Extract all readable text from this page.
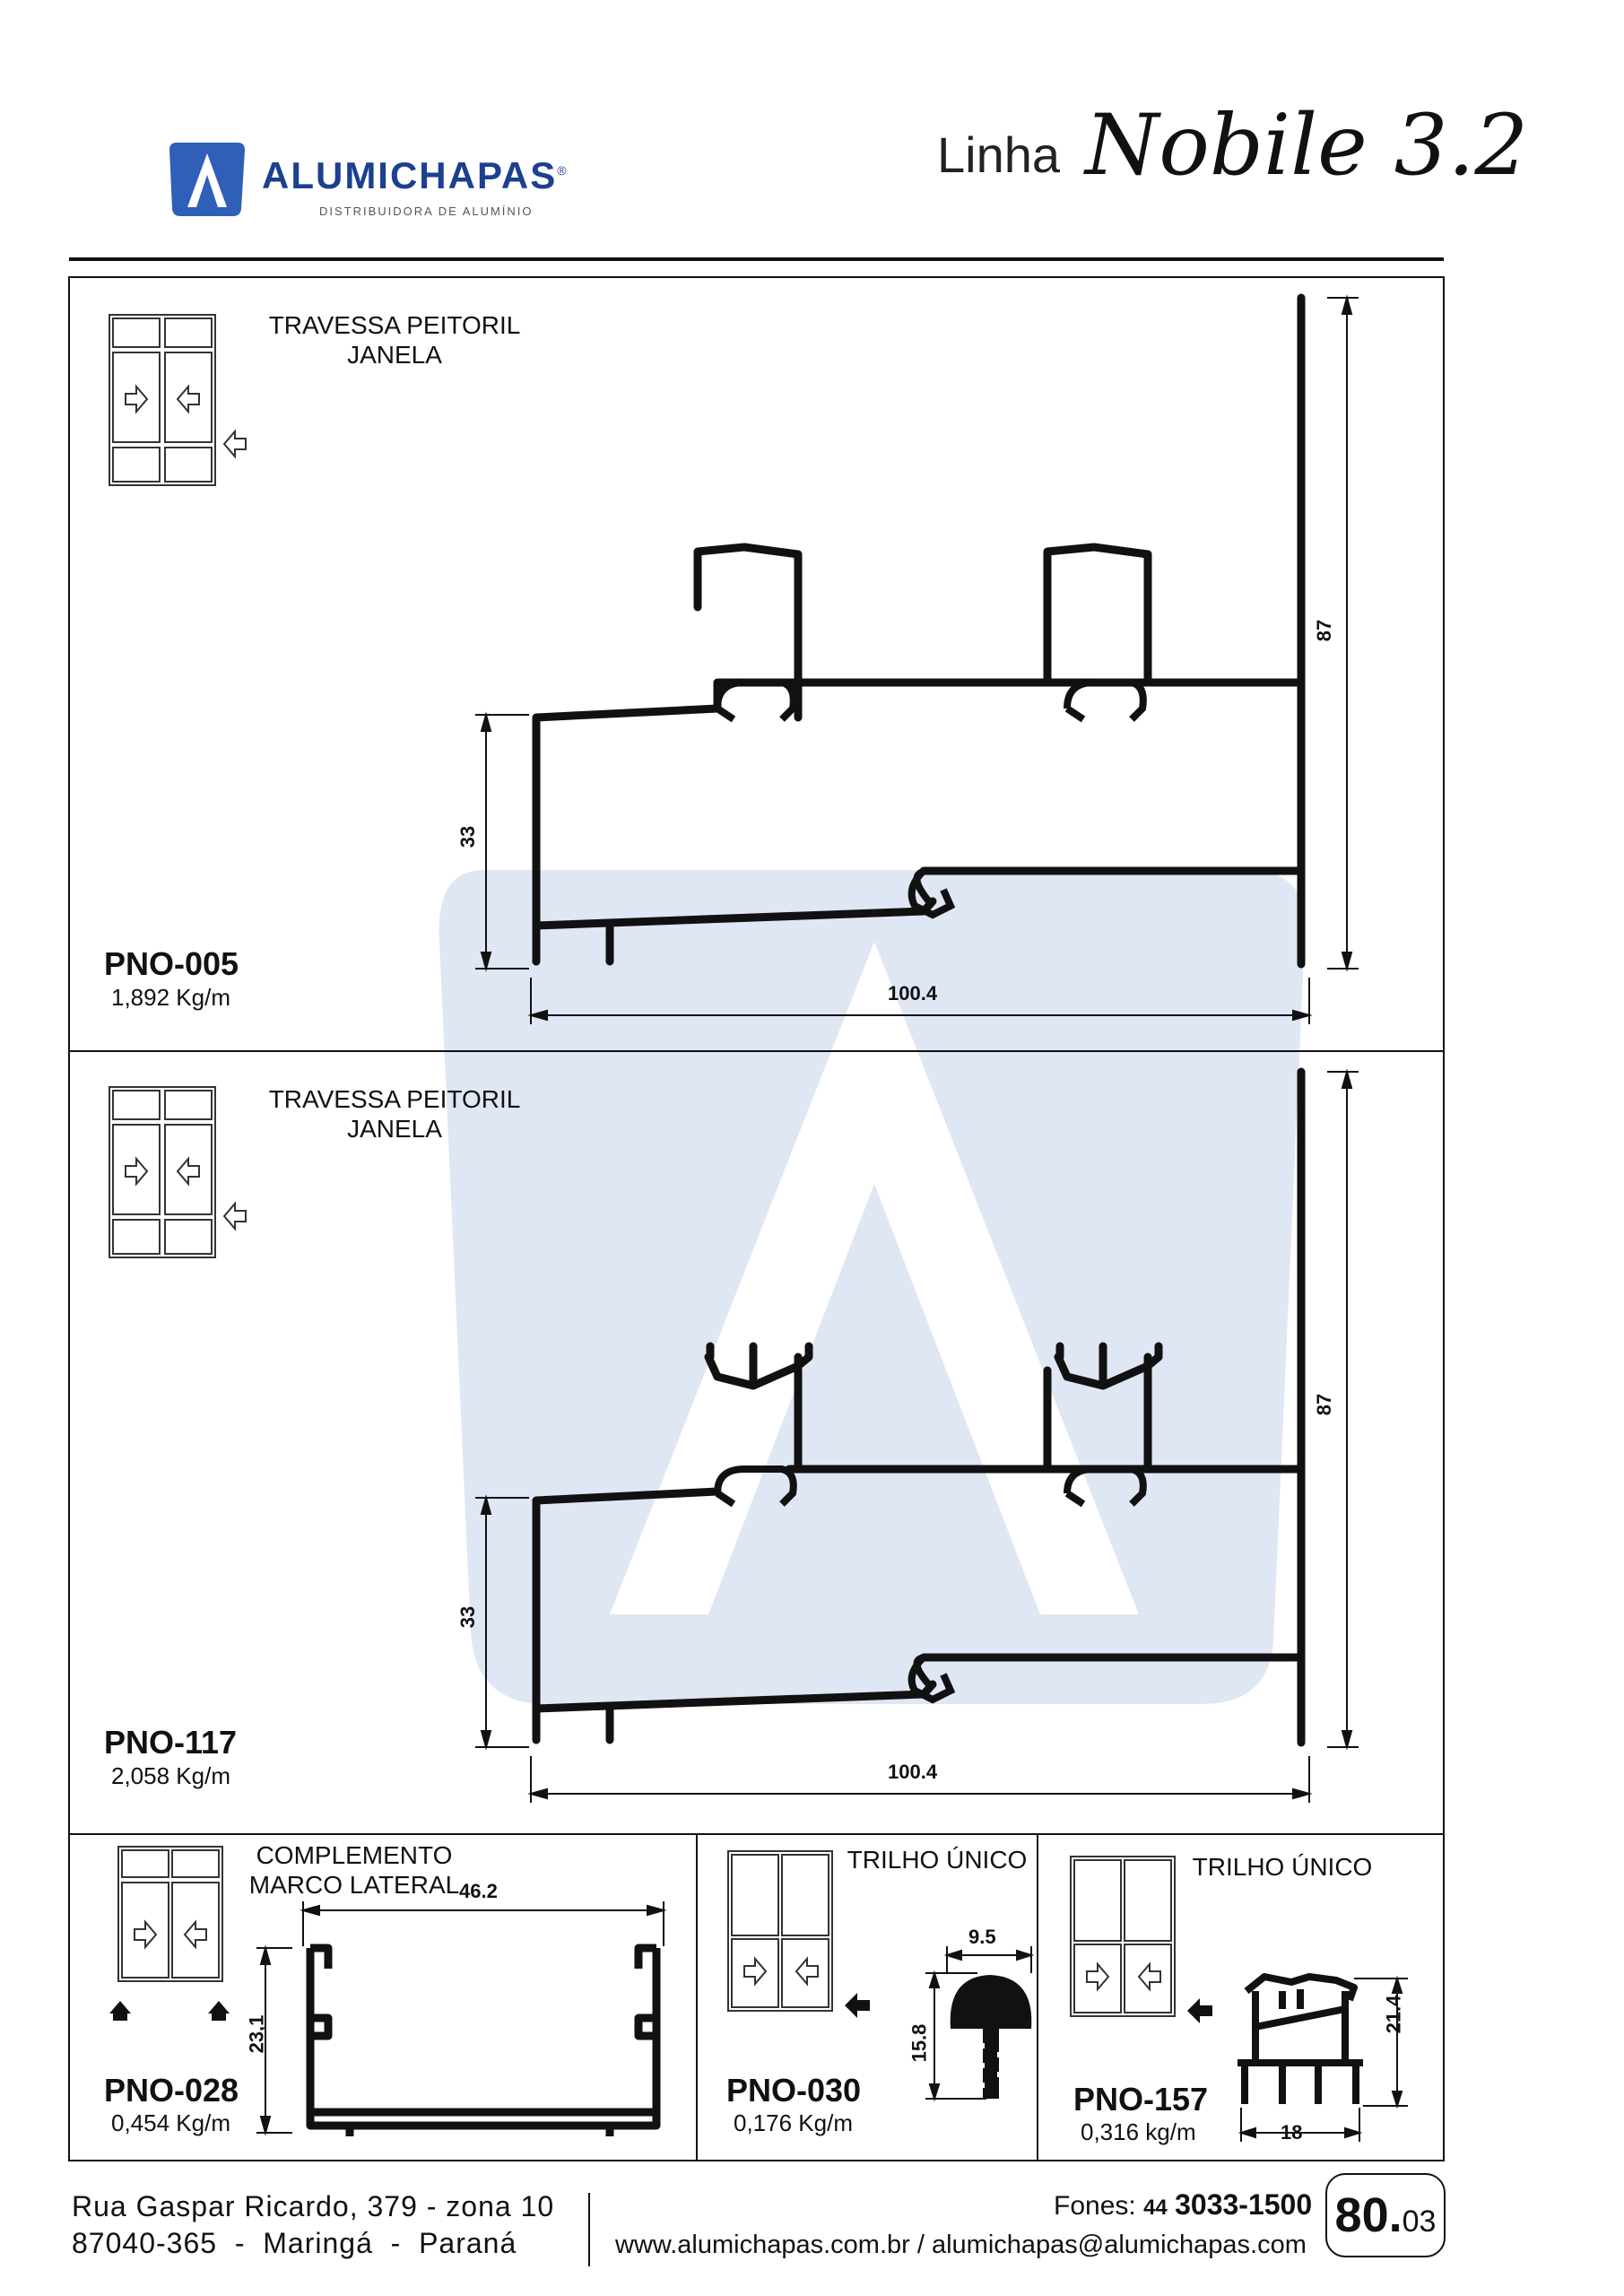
ALUMICHAPAS®
DISTRIBUIDORA DE ALUMÍNIO
Linha Nobile 3.2
TRAVESSA PEITORIL
JANELA
PNO-005
1,892 Kg/m
87
33
100.4
TRAVESSA PEITORIL
JANELA
PNO-117
2,058 Kg/m
87
33
100.4
COMPLEMENTO
MARCO LATERAL
PNO-028
0,454 Kg/m
46.2
23,1
TRILHO ÚNICO
PNO-030
0,176 Kg/m
9.5
15.8
TRILHO ÚNICO
PNO-157
0,316 kg/m
21.4
18
Rua Gaspar Ricardo, 379 - zona 10
87040-365  -  Maringá  -  Paraná
Fones: 44 3033-1500
www.alumichapas.com.br / alumichapas@alumichapas.com
80. 03
